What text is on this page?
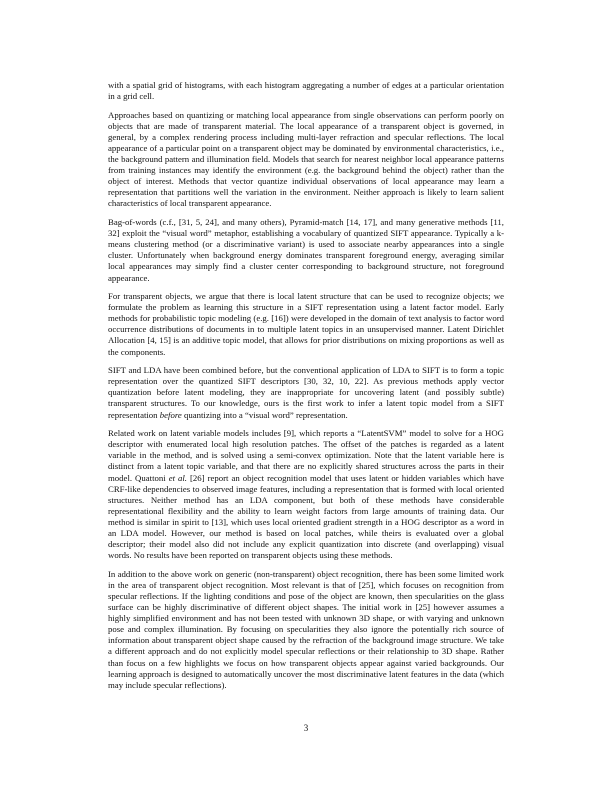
with a spatial grid of histograms, with each histogram aggregating a number of edges at a particular orientation in a grid cell.

Approaches based on quantizing or matching local appearance from single observations can perform poorly on objects that are made of transparent material. The local appearance of a transparent object is governed, in general, by a complex rendering process including multi-layer refraction and specular reflections. The local appearance of a particular point on a transparent object may be dominated by environmental characteristics, i.e., the background pattern and illumination field. Models that search for nearest neighbor local appearance patterns from training instances may identify the environment (e.g. the background behind the object) rather than the object of interest. Methods that vector quantize individual observations of local appearance may learn a representation that partitions well the variation in the environment. Neither approach is likely to learn salient characteristics of local transparent appearance.

Bag-of-words (c.f., [31, 5, 24], and many others), Pyramid-match [14, 17], and many generative methods [11, 32] exploit the “visual word” metaphor, establishing a vocabulary of quantized SIFT appearance. Typically a k-means clustering method (or a discriminative variant) is used to associate nearby appearances into a single cluster. Unfortunately when background energy dominates transparent foreground energy, averaging similar local appearances may simply find a cluster center corresponding to background structure, not foreground appearance.

For transparent objects, we argue that there is local latent structure that can be used to recognize objects; we formulate the problem as learning this structure in a SIFT representation using a latent factor model. Early methods for probabilistic topic modeling (e.g. [16]) were developed in the domain of text analysis to factor word occurrence distributions of documents in to multiple latent topics in an unsupervised manner. Latent Dirichlet Allocation [4, 15] is an additive topic model, that allows for prior distributions on mixing proportions as well as the components.

SIFT and LDA have been combined before, but the conventional application of LDA to SIFT is to form a topic representation over the quantized SIFT descriptors [30, 32, 10, 22]. As previous methods apply vector quantization before latent modeling, they are inappropriate for uncovering latent (and possibly subtle) transparent structures. To our knowledge, ours is the first work to infer a latent topic model from a SIFT representation before quantizing into a “visual word” representation.

Related work on latent variable models includes [9], which reports a “LatentSVM” model to solve for a HOG descriptor with enumerated local high resolution patches. The offset of the patches is regarded as a latent variable in the method, and is solved using a semi-convex optimization. Note that the latent variable here is distinct from a latent topic variable, and that there are no explicitly shared structures across the parts in their model. Quattoni et al. [26] report an object recognition model that uses latent or hidden variables which have CRF-like dependencies to observed image features, including a representation that is formed with local oriented structures. Neither method has an LDA component, but both of these methods have considerable representational flexibility and the ability to learn weight factors from large amounts of training data. Our method is similar in spirit to [13], which uses local oriented gradient strength in a HOG descriptor as a word in an LDA model. However, our method is based on local patches, while theirs is evaluated over a global descriptor; their model also did not include any explicit quantization into discrete (and overlapping) visual words. No results have been reported on transparent objects using these methods.

In addition to the above work on generic (non-transparent) object recognition, there has been some limited work in the area of transparent object recognition. Most relevant is that of [25], which focuses on recognition from specular reflections. If the lighting conditions and pose of the object are known, then specularities on the glass surface can be highly discriminative of different object shapes. The initial work in [25] however assumes a highly simplified environment and has not been tested with unknown 3D shape, or with varying and unknown pose and complex illumination. By focusing on specularities they also ignore the potentially rich source of information about transparent object shape caused by the refraction of the background image structure. We take a different approach and do not explicitly model specular reflections or their relationship to 3D shape. Rather than focus on a few highlights we focus on how transparent objects appear against varied backgrounds. Our learning approach is designed to automatically uncover the most discriminative latent features in the data (which may include specular reflections).

3
